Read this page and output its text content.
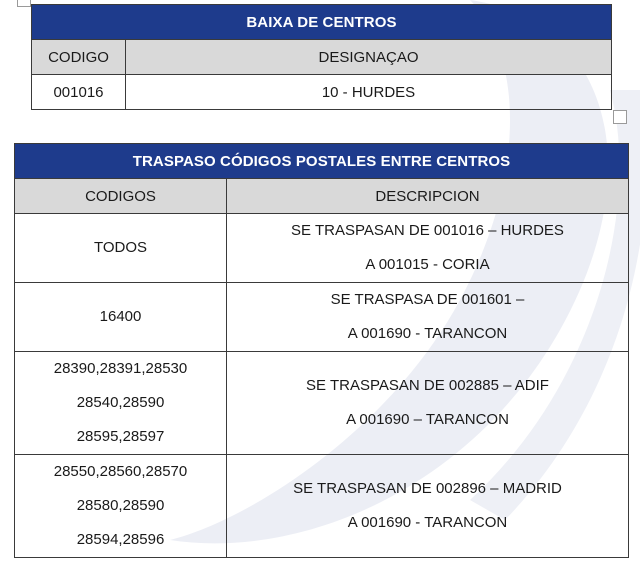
BAIXA DE CENTROS	
CODIGO	DESIGNAÇAO
001016	10 - HURDES
TRASPASO CÓDIGOS POSTALES ENTRE CENTROS	
CODIGOS	DESCRIPCION

TODOS	SE TRASPASAN DE 001016 – HURDES
A 001015 - CORIA

16400	SE TRASPASA DE 001601 –
A 001690 - TARANCON

28390,28391,28530
28540,28590
28595,28597	SE TRASPASAN DE 002885 – ADIF
A 001690 – TARANCON

28550,28560,28570
28580,28590
28594,28596	SE TRASPASAN DE 002896 – MADRID
A 001690 - TARANCON
